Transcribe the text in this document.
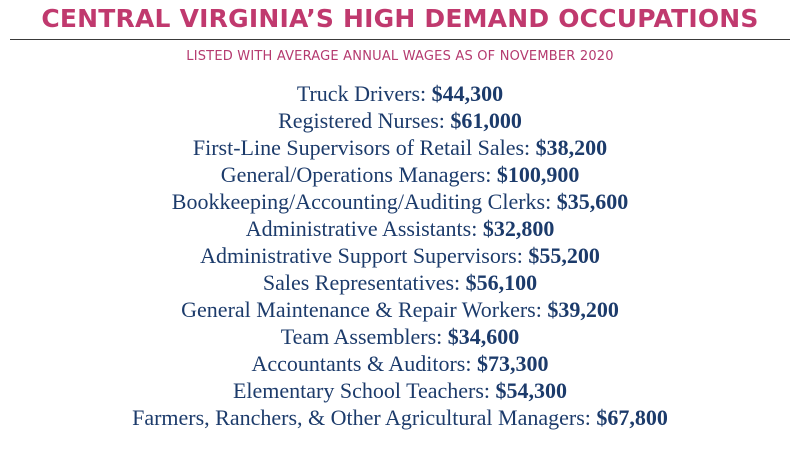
CENTRAL VIRGINIA’S HIGH DEMAND OCCUPATIONS
LISTED WITH AVERAGE ANNUAL WAGES AS OF NOVEMBER 2020
Truck Drivers: $44,300
Registered Nurses: $61,000
First-Line Supervisors of Retail Sales: $38,200
General/Operations Managers: $100,900
Bookkeeping/Accounting/Auditing Clerks: $35,600
Administrative Assistants: $32,800
Administrative Support Supervisors: $55,200
Sales Representatives: $56,100
General Maintenance & Repair Workers: $39,200
Team Assemblers: $34,600
Accountants & Auditors: $73,300
Elementary School Teachers: $54,300
Farmers, Ranchers, & Other Agricultural Managers: $67,800
